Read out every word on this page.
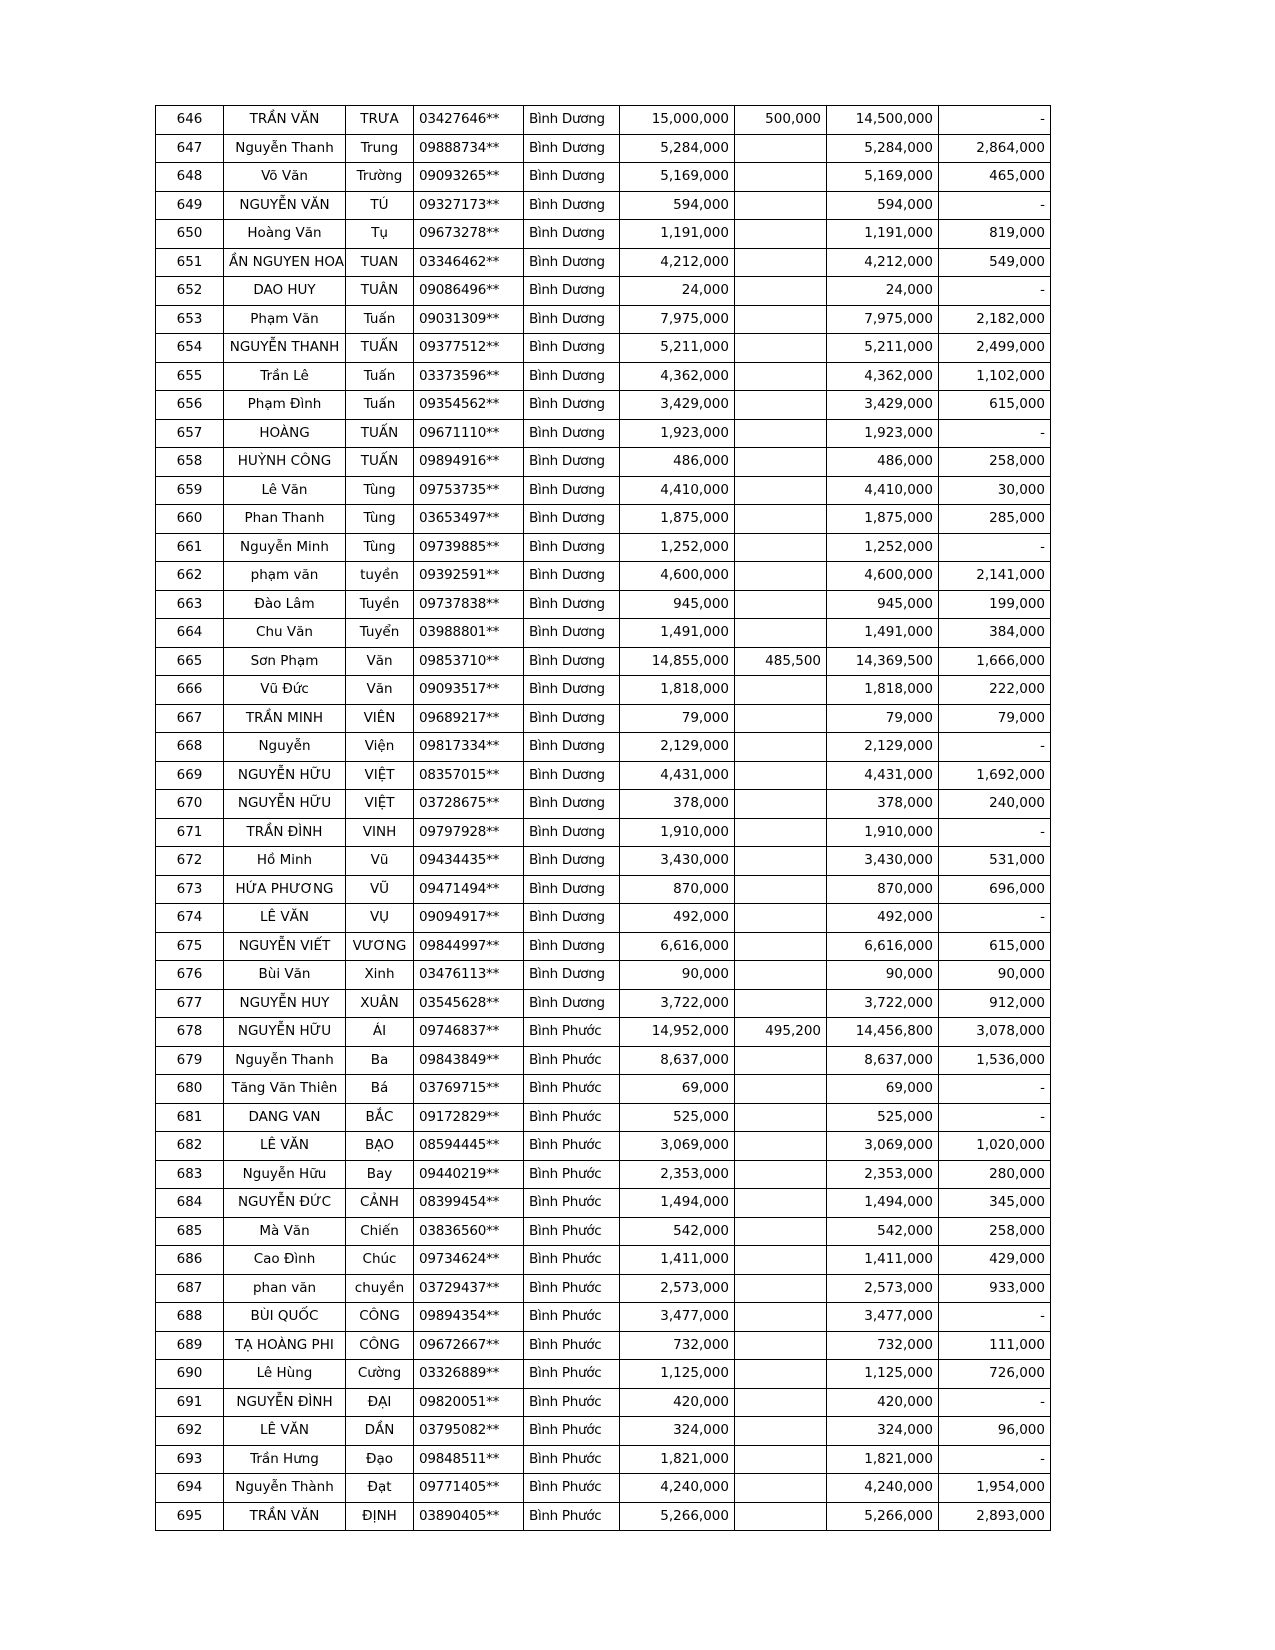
646	TRẦN VĂN	TRƯA	03427646**	Bình Dương	15,000,000	500,000	14,500,000	-
647	Nguyễn Thanh	Trung	09888734**	Bình Dương	5,284,000		5,284,000	2,864,000
648	Võ Văn	Trường	09093265**	Bình Dương	5,169,000		5,169,000	465,000
649	NGUYỄN VĂN	TÚ	09327173**	Bình Dương	594,000		594,000	-
650	Hoàng Văn	Tụ	09673278**	Bình Dương	1,191,000		1,191,000	819,000
651	ẦN NGUYEN HOA	TUAN	03346462**	Bình Dương	4,212,000		4,212,000	549,000
652	DAO HUY	TUÂN	09086496**	Bình Dương	24,000		24,000	-
653	Phạm Văn	Tuấn	09031309**	Bình Dương	7,975,000		7,975,000	2,182,000
654	NGUYỄN THANH	TUẤN	09377512**	Bình Dương	5,211,000		5,211,000	2,499,000
655	Trần Lê	Tuấn	03373596**	Bình Dương	4,362,000		4,362,000	1,102,000
656	Phạm Đình	Tuấn	09354562**	Bình Dương	3,429,000		3,429,000	615,000
657	HOÀNG	TUẤN	09671110**	Bình Dương	1,923,000		1,923,000	-
658	HUỲNH CÔNG	TUẤN	09894916**	Bình Dương	486,000		486,000	258,000
659	Lê Văn	Tùng	09753735**	Bình Dương	4,410,000		4,410,000	30,000
660	Phan Thanh	Tùng	03653497**	Bình Dương	1,875,000		1,875,000	285,000
661	Nguyễn Minh	Tùng	09739885**	Bình Dương	1,252,000		1,252,000	-
662	phạm văn	tuyền	09392591**	Bình Dương	4,600,000		4,600,000	2,141,000
663	Đào Lâm	Tuyền	09737838**	Bình Dương	945,000		945,000	199,000
664	Chu Văn	Tuyển	03988801**	Bình Dương	1,491,000		1,491,000	384,000
665	Sơn Phạm	Văn	09853710**	Bình Dương	14,855,000	485,500	14,369,500	1,666,000
666	Vũ Đức	Văn	09093517**	Bình Dương	1,818,000		1,818,000	222,000
667	TRẦN MINH	VIÊN	09689217**	Bình Dương	79,000		79,000	79,000
668	Nguyễn	Viện	09817334**	Bình Dương	2,129,000		2,129,000	-
669	NGUYỄN HỮU	VIỆT	08357015**	Bình Dương	4,431,000		4,431,000	1,692,000
670	NGUYỄN HỮU	VIỆT	03728675**	Bình Dương	378,000		378,000	240,000
671	TRẦN ĐÌNH	VINH	09797928**	Bình Dương	1,910,000		1,910,000	-
672	Hồ Minh	Vũ	09434435**	Bình Dương	3,430,000		3,430,000	531,000
673	HỨA PHƯƠNG	VŨ	09471494**	Bình Dương	870,000		870,000	696,000
674	LÊ VĂN	VỤ	09094917**	Bình Dương	492,000		492,000	-
675	NGUYỄN VIẾT	VƯƠNG	09844997**	Bình Dương	6,616,000		6,616,000	615,000
676	Bùi Văn	Xinh	03476113**	Bình Dương	90,000		90,000	90,000
677	NGUYỄN HUY	XUÂN	03545628**	Bình Dương	3,722,000		3,722,000	912,000
678	NGUYỄN HỮU	ÁI	09746837**	Bình Phước	14,952,000	495,200	14,456,800	3,078,000
679	Nguyễn Thanh	Ba	09843849**	Bình Phước	8,637,000		8,637,000	1,536,000
680	Tăng Văn Thiên	Bá	03769715**	Bình Phước	69,000		69,000	-
681	DANG VAN	BẮC	09172829**	Bình Phước	525,000		525,000	-
682	LÊ VĂN	BẠO	08594445**	Bình Phước	3,069,000		3,069,000	1,020,000
683	Nguyễn Hữu	Bay	09440219**	Bình Phước	2,353,000		2,353,000	280,000
684	NGUYỄN ĐỨC	CẢNH	08399454**	Bình Phước	1,494,000		1,494,000	345,000
685	Mà Văn	Chiến	03836560**	Bình Phước	542,000		542,000	258,000
686	Cao Đình	Chúc	09734624**	Bình Phước	1,411,000		1,411,000	429,000
687	phan văn	chuyền	03729437**	Bình Phước	2,573,000		2,573,000	933,000
688	BÙI QUỐC	CÔNG	09894354**	Bình Phước	3,477,000		3,477,000	-
689	TẠ HOÀNG PHI	CÔNG	09672667**	Bình Phước	732,000		732,000	111,000
690	Lê Hùng	Cường	03326889**	Bình Phước	1,125,000		1,125,000	726,000
691	NGUYỄN ĐÌNH	ĐẠI	09820051**	Bình Phước	420,000		420,000	-
692	LÊ VĂN	DẦN	03795082**	Bình Phước	324,000		324,000	96,000
693	Trần Hưng	Đạo	09848511**	Bình Phước	1,821,000		1,821,000	-
694	Nguyễn Thành	Đạt	09771405**	Bình Phước	4,240,000		4,240,000	1,954,000
695	TRẦN VĂN	ĐỊNH	03890405**	Bình Phước	5,266,000		5,266,000	2,893,000
